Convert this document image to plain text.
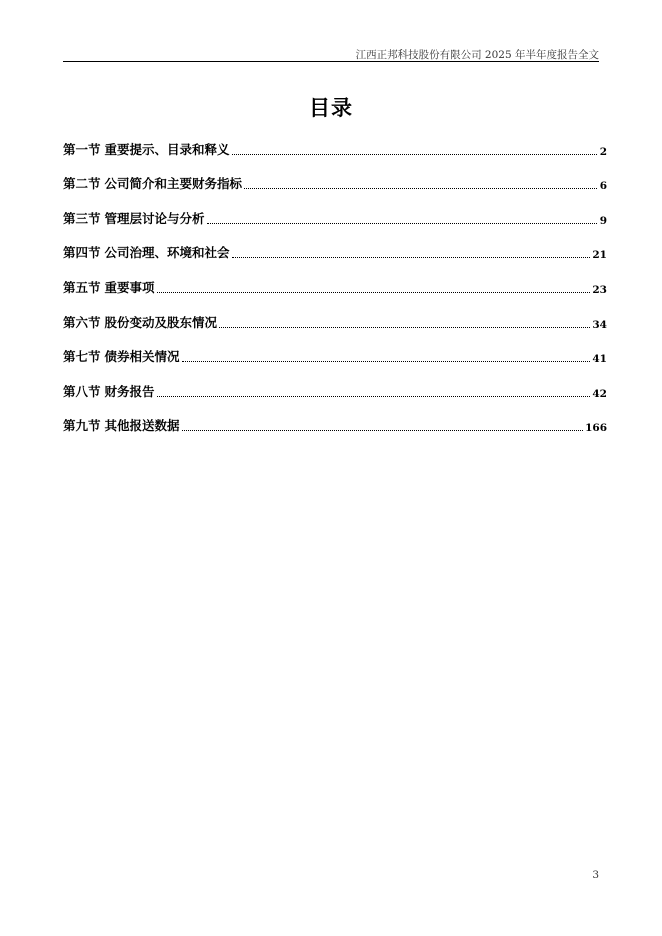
江西正邦科技股份有限公司 2025 年半年度报告全文
目录
第一节 重要提示、目录和释义	2
第二节 公司简介和主要财务指标	6
第三节 管理层讨论与分析	9
第四节 公司治理、环境和社会	21
第五节 重要事项	23
第六节 股份变动及股东情况	34
第七节 债券相关情况	41
第八节 财务报告	42
第九节 其他报送数据	166
3
